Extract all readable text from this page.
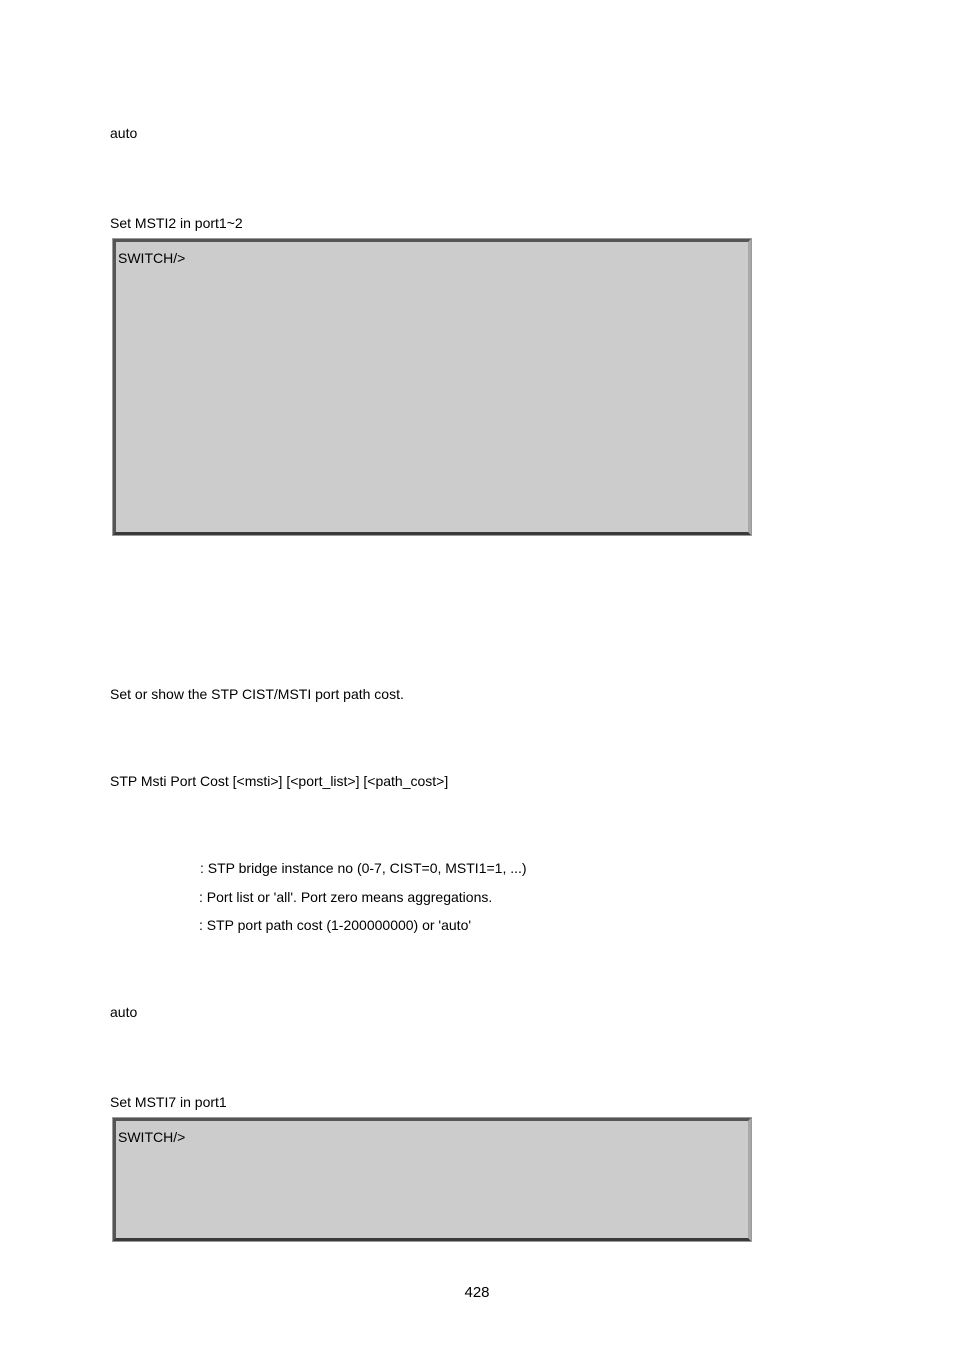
auto
Set MSTI2 in port1~2
SWITCH/>
Set or show the STP CIST/MSTI port path cost.
STP Msti Port Cost [<msti>] [<port_list>] [<path_cost>]
: STP bridge instance no (0-7, CIST=0, MSTI1=1, ...)
: Port list or 'all'. Port zero means aggregations.
: STP port path cost (1-200000000) or 'auto'
auto
Set MSTI7 in port1
SWITCH/>
428
